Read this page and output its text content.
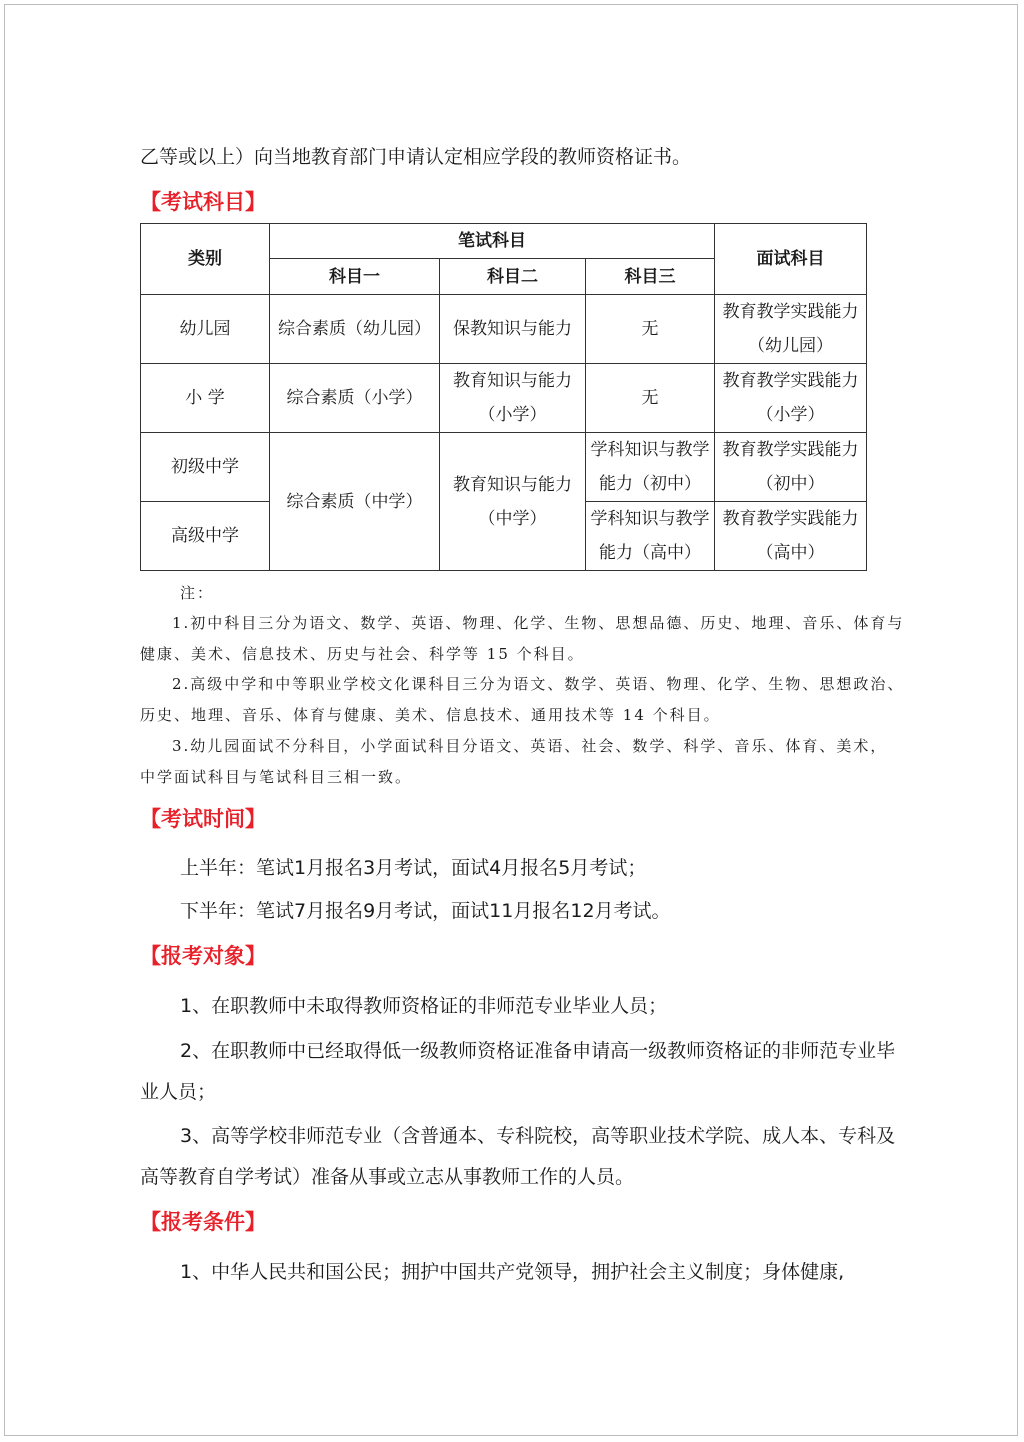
乙等或以上）向当地教育部门申请认定相应学段的教师资格证书。

【考试科目】

类别	笔试科目			面试科目
	科目一	科目二	科目三	
幼儿园	综合素质（幼儿园）	保教知识与能力	无	教育教学实践能力（幼儿园）
小 学	综合素质（小学）	教育知识与能力（小学）	无	教育教学实践能力（小学）
初级中学	综合素质（中学）	教育知识与能力（中学）	学科知识与教学能力（初中）	教育教学实践能力（初中）
高级中学			学科知识与教学能力（高中）	教育教学实践能力（高中）

注：

1.初中科目三分为语文、数学、英语、物理、化学、生物、思想品德、历史、地理、音乐、体育与健康、美术、信息技术、历史与社会、科学等 15 个科目。

2.高级中学和中等职业学校文化课科目三分为语文、数学、英语、物理、化学、生物、思想政治、历史、地理、音乐、体育与健康、美术、信息技术、通用技术等 14 个科目。

3.幼儿园面试不分科目，小学面试科目分语文、英语、社会、数学、科学、音乐、体育、美术， 中学面试科目与笔试科目三相一致。

【考试时间】

上半年：笔试1月报名3月考试，面试4月报名5月考试；

下半年：笔试7月报名9月考试，面试11月报名12月考试。

【报考对象】

1、在职教师中未取得教师资格证的非师范专业毕业人员；

2、在职教师中已经取得低一级教师资格证准备申请高一级教师资格证的非师范专业毕业人员；

3、高等学校非师范专业（含普通本、专科院校，高等职业技术学院、成人本、专科及高等教育自学考试）准备从事或立志从事教师工作的人员。

【报考条件】

1、中华人民共和国公民；拥护中国共产党领导，拥护社会主义制度；身体健康,
